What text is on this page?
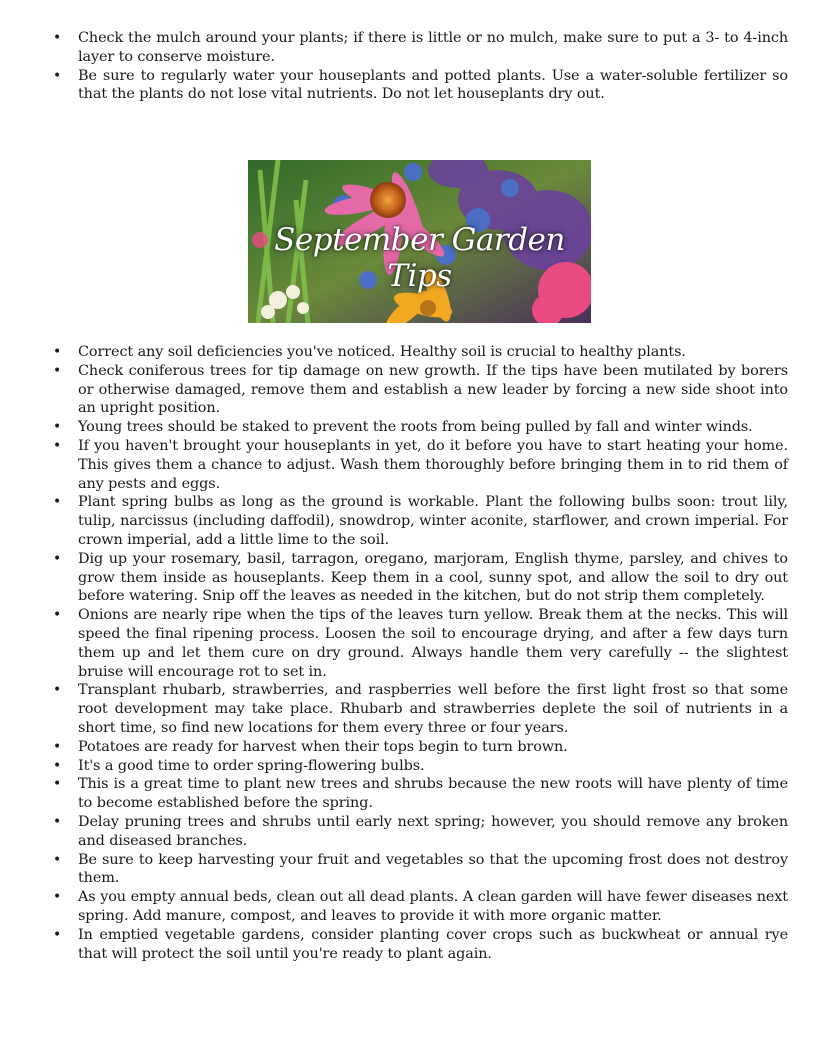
• Check the mulch around your plants; if there is little or no mulch, make sure to put a 3- to 4-inch layer to conserve moisture.
• Be sure to regularly water your houseplants and potted plants. Use a water-soluble fertilizer so that the plants do not lose vital nutrients. Do not let houseplants dry out.
September Garden Tips
• Correct any soil deficiencies you've noticed. Healthy soil is crucial to healthy plants.
• Check coniferous trees for tip damage on new growth. If the tips have been mutilated by borers or otherwise damaged, remove them and establish a new leader by forcing a new side shoot into an upright position.
• Young trees should be staked to prevent the roots from being pulled by fall and winter winds.
• If you haven't brought your houseplants in yet, do it before you have to start heating your home. This gives them a chance to adjust. Wash them thoroughly before bringing them in to rid them of any pests and eggs.
• Plant spring bulbs as long as the ground is workable. Plant the following bulbs soon: trout lily, tulip, narcissus (including daffodil), snowdrop, winter aconite, starflower, and crown imperial. For crown imperial, add a little lime to the soil.
• Dig up your rosemary, basil, tarragon, oregano, marjoram, English thyme, parsley, and chives to grow them inside as houseplants. Keep them in a cool, sunny spot, and allow the soil to dry out before watering. Snip off the leaves as needed in the kitchen, but do not strip them completely.
• Onions are nearly ripe when the tips of the leaves turn yellow. Break them at the necks. This will speed the final ripening process. Loosen the soil to encourage drying, and after a few days turn them up and let them cure on dry ground. Always handle them very carefully -- the slightest bruise will encourage rot to set in.
• Transplant rhubarb, strawberries, and raspberries well before the first light frost so that some root development may take place. Rhubarb and strawberries deplete the soil of nutrients in a short time, so find new locations for them every three or four years.
• Potatoes are ready for harvest when their tops begin to turn brown.
• It's a good time to order spring-flowering bulbs.
• This is a great time to plant new trees and shrubs because the new roots will have plenty of time to become established before the spring.
• Delay pruning trees and shrubs until early next spring; however, you should remove any broken and diseased branches.
• Be sure to keep harvesting your fruit and vegetables so that the upcoming frost does not destroy them.
• As you empty annual beds, clean out all dead plants. A clean garden will have fewer diseases next spring. Add manure, compost, and leaves to provide it with more organic matter.
• In emptied vegetable gardens, consider planting cover crops such as buckwheat or annual rye that will protect the soil until you're ready to plant again.
